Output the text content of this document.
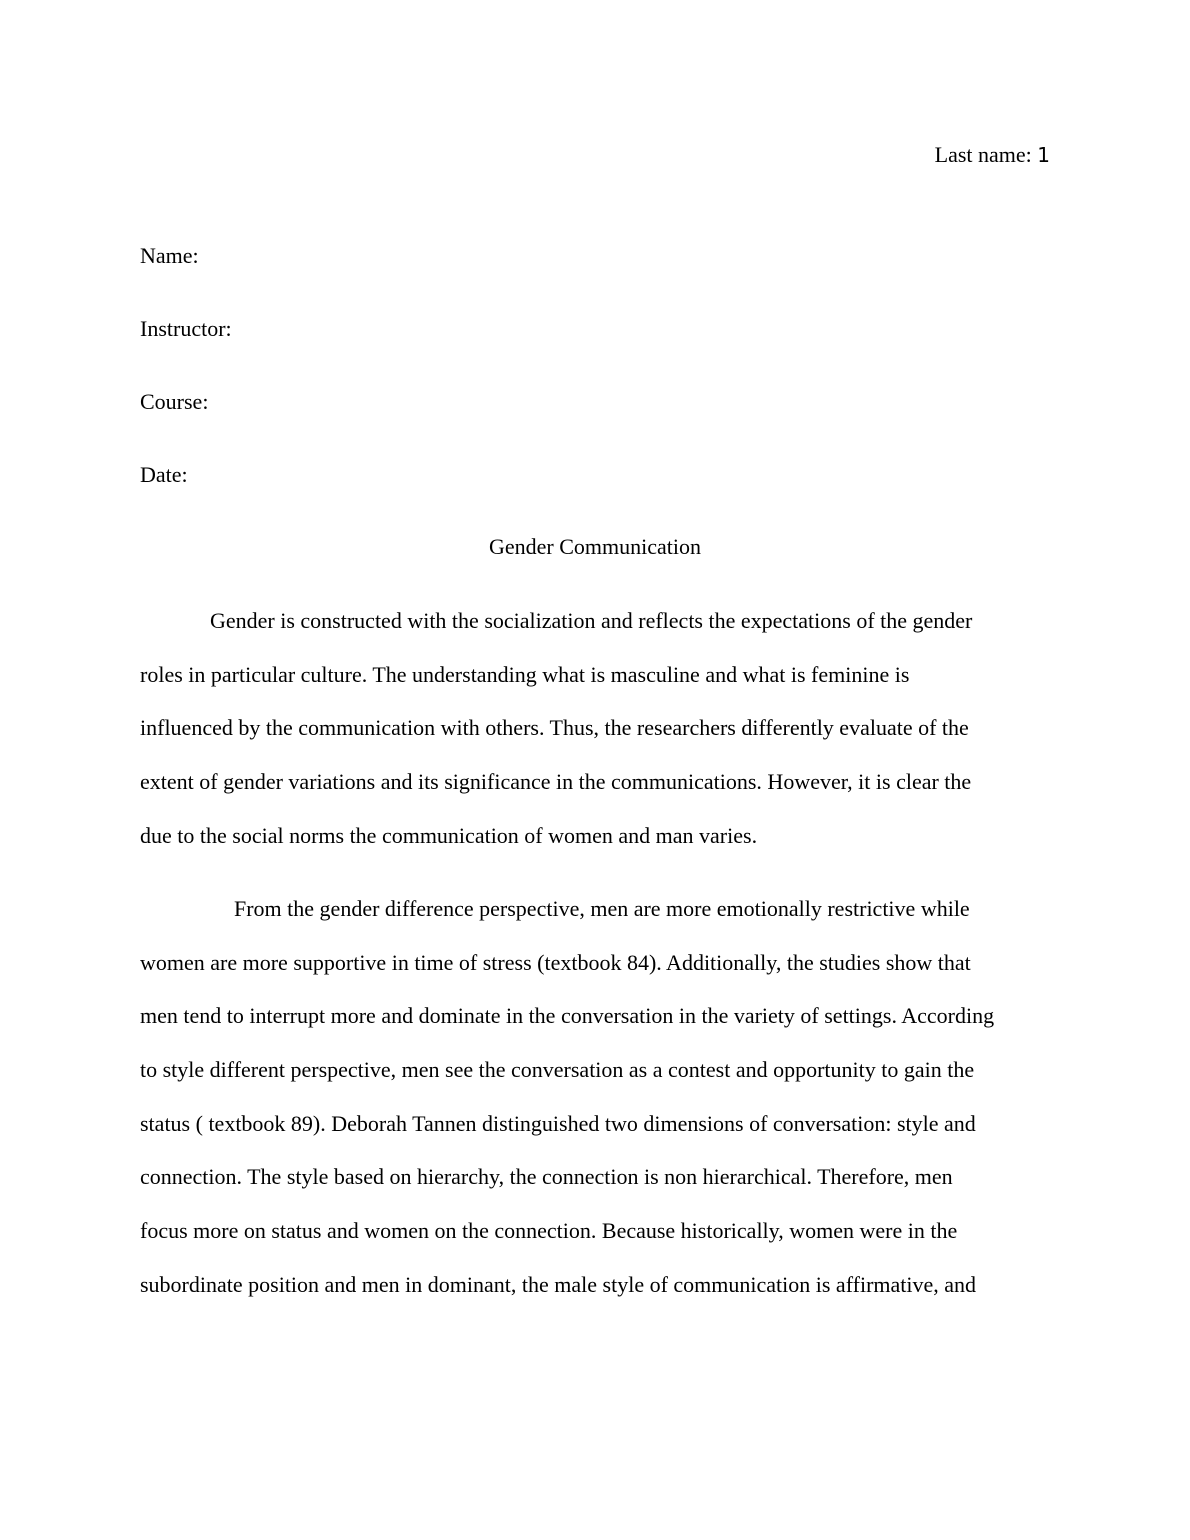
Last name: 1
Name:
Instructor:
Course:
Date:
Gender Communication
Gender is constructed with the socialization and reflects the expectations of the gender
roles in particular culture. The understanding what is masculine and what is feminine is
influenced by the communication with others. Thus, the researchers differently evaluate of the
extent of gender variations and its significance in the communications. However, it is clear the
due to the social norms the communication of women and man varies.
From the gender difference perspective, men are more emotionally restrictive while
women are more supportive in time of stress (textbook 84). Additionally, the studies show that
men tend to interrupt more and dominate in the conversation in the variety of settings. According
to style different perspective, men see the conversation as a contest and opportunity to gain the
status ( textbook 89). Deborah Tannen distinguished two dimensions of conversation: style and
connection. The style based on hierarchy, the connection is non hierarchical. Therefore, men
focus more on status and women on the connection. Because historically, women were in the
subordinate position and men in dominant, the male style of communication is affirmative, and
